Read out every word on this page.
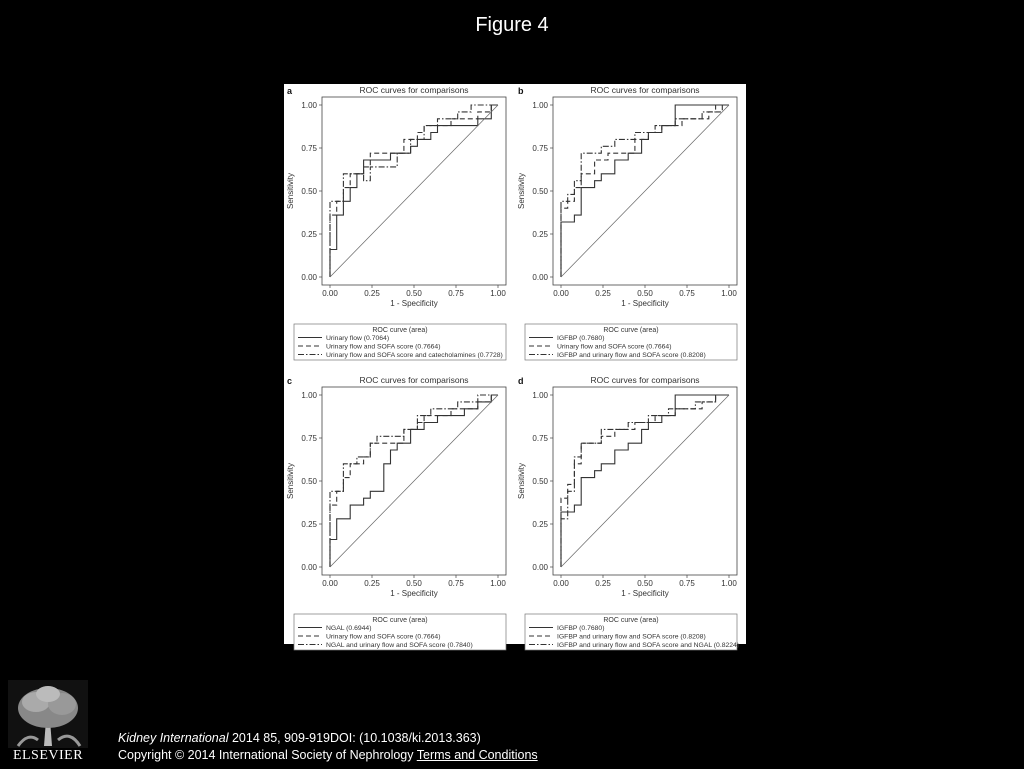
Figure 4
a	ROC curves for comparisons
0.00
0.00
0.25
0.25
0.50
0.50
0.75
0.75
1.00
1.00
1 - Specificity
Sensitivity
ROC curve (area)
Urinary flow (0.7064)
Urinary flow and SOFA score (0.7664)
Urinary flow and SOFA score and catecholamines (0.7728)
b	ROC curves for comparisons
0.00
0.00
0.25
0.25
0.50
0.50
0.75
0.75
1.00
1.00
1 - Specificity
Sensitivity
ROC curve (area)
IGFBP (0.7680)
Urinary flow and SOFA score (0.7664)
IGFBP and urinary flow and SOFA score (0.8208)
c	ROC curves for comparisons
0.00
0.00
0.25
0.25
0.50
0.50
0.75
0.75
1.00
1.00
1 - Specificity
Sensitivity
ROC curve (area)
NGAL (0.6944)
Urinary flow and SOFA score (0.7664)
NGAL and urinary flow and SOFA score (0.7840)
d	ROC curves for comparisons
0.00
0.00
0.25
0.25
0.50
0.50
0.75
0.75
1.00
1.00
1 - Specificity
Sensitivity
ROC curve (area)
IGFBP (0.7680)
IGFBP and urinary flow and SOFA score (0.8208)
IGFBP and urinary flow and SOFA score and NGAL (0.8224)
ELSEVIER
Kidney International 2014 85, 909-919DOI: (10.1038/ki.2013.363)
Copyright © 2014 International Society of Nephrology Terms and Conditions
